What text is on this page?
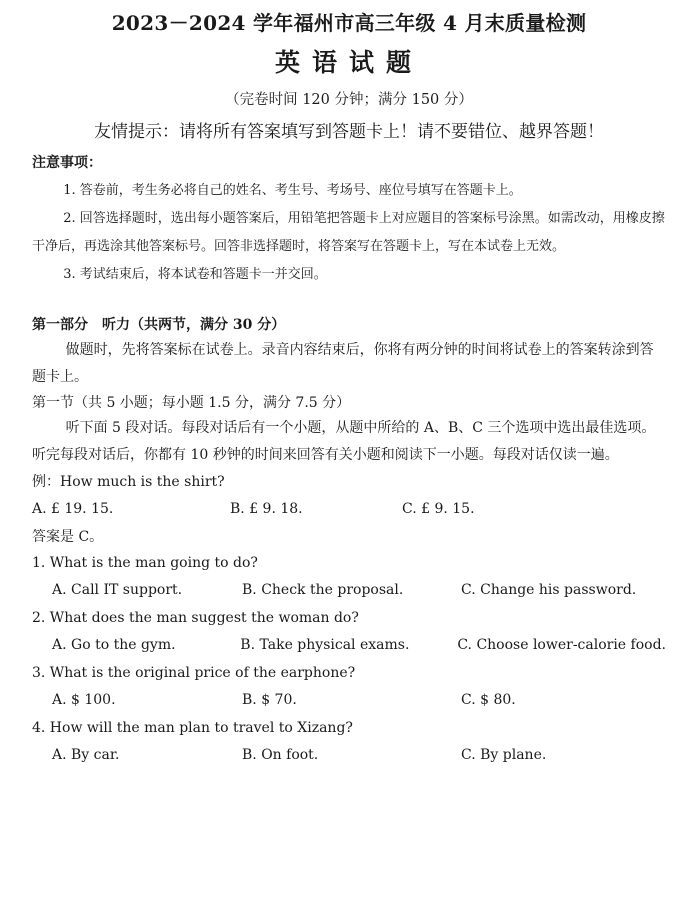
2023－2024 学年福州市高三年级 4 月末质量检测
英语试题
（完卷时间 120 分钟；满分 150 分）
友情提示：请将所有答案填写到答题卡上！请不要错位、越界答题！
注意事项：

1. 答卷前，考生务必将自己的姓名、考生号、考场号、座位号填写在答题卡上。

2. 回答选择题时，选出每小题答案后，用铅笔把答题卡上对应题目的答案标号涂黑。如需改动，用橡皮擦干净后，再选涂其他答案标号。回答非选择题时，将答案写在答题卡上，写在本试卷上无效。

3. 考试结束后，将本试卷和答题卡一并交回。

第一部分　听力（共两节，满分 30 分）

做题时，先将答案标在试卷上。录音内容结束后，你将有两分钟的时间将试卷上的答案转涂到答题卡上。

第一节（共 5 小题；每小题 1.5 分，满分 7.5 分）

听下面 5 段对话。每段对话后有一个小题，从题中所给的 A、B、C 三个选项中选出最佳选项。听完每段对话后，你都有 10 秒钟的时间来回答有关小题和阅读下一小题。每段对话仅读一遍。

例：How much is the shirt?
A. £ 19. 15.	B. £ 9. 18.	C. £ 9. 15.
答案是 C。
1. What is the man going to do?
A. Call IT support.	B. Check the proposal.	C. Change his password.
2. What does the man suggest the woman do?
A. Go to the gym.	B. Take physical exams.	C. Choose lower-calorie food.
3. What is the original price of the earphone?
A. $ 100.	B. $ 70.	C. $ 80.
4. How will the man plan to travel to Xizang?
A. By car.	B. On foot.	C. By plane.
